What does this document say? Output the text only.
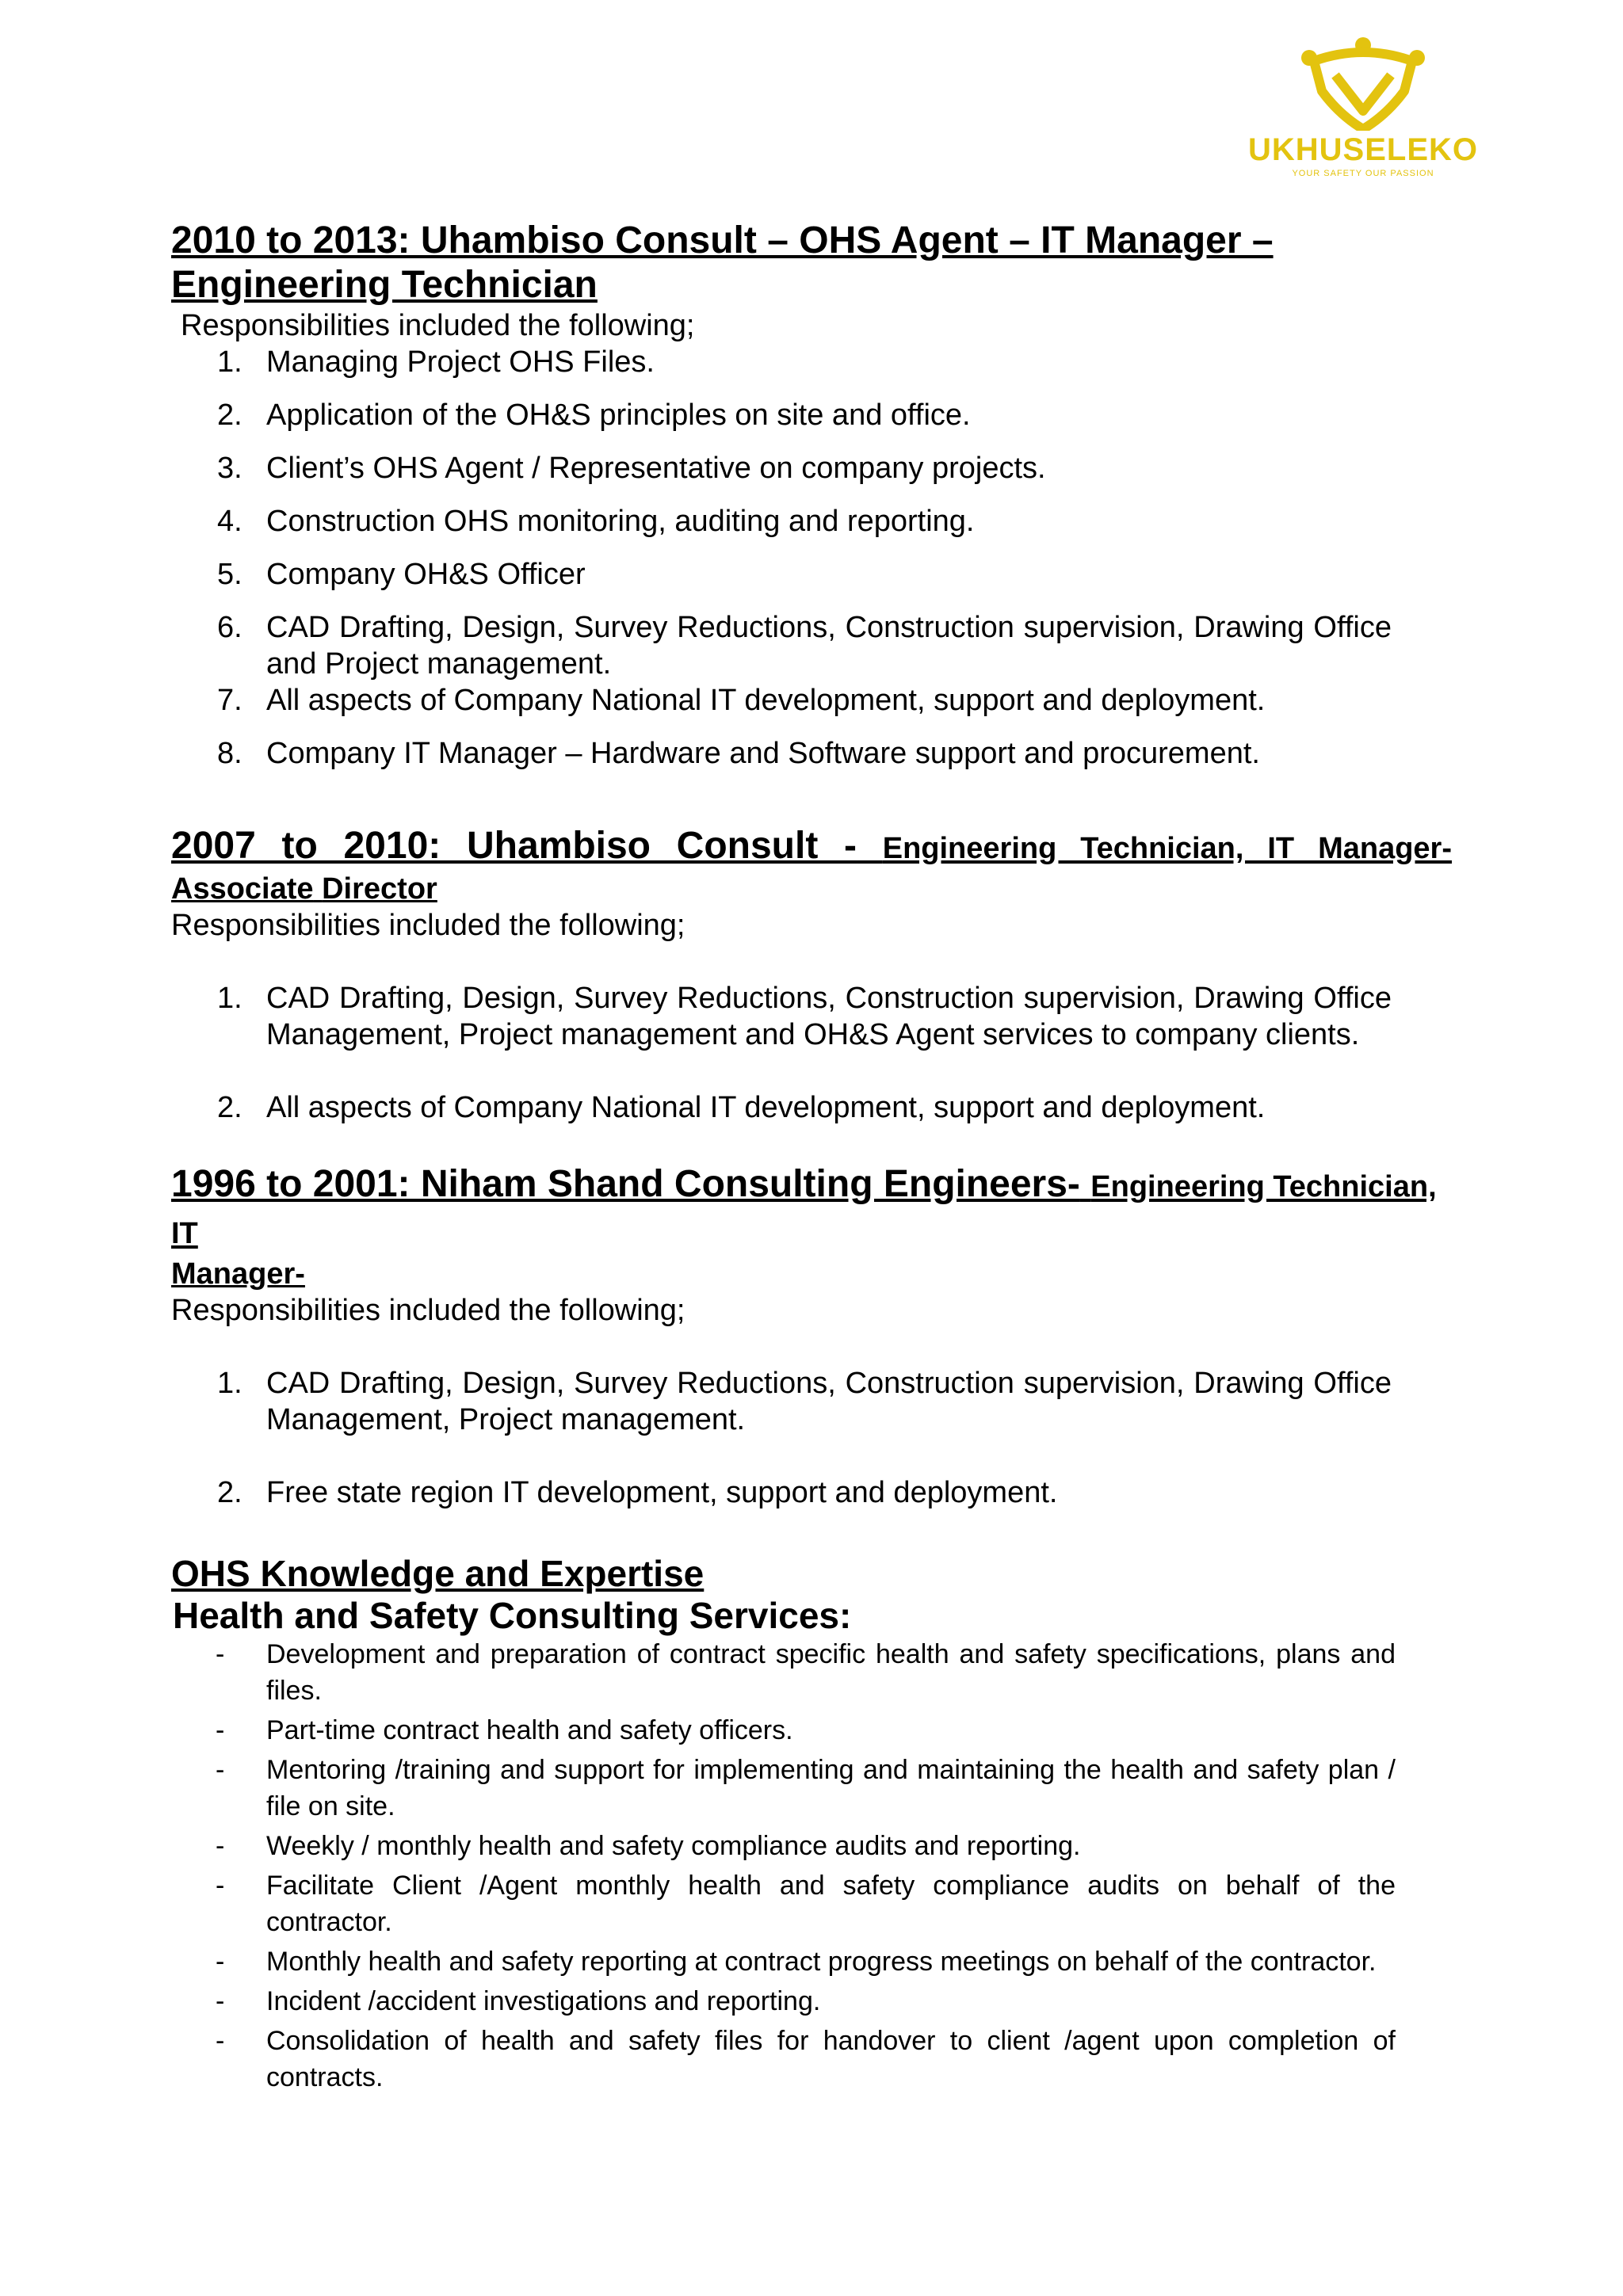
UKHUSELEKO
YOUR SAFETY OUR PASSION
2010 to 2013: Uhambiso Consult – OHS Agent – IT Manager –Engineering Technician

Responsibilities included the following;

1. Managing Project OHS Files.
2. Application of the OH&S principles on site and office.
3. Client’s OHS Agent / Representative on company projects.
4. Construction OHS monitoring, auditing and reporting.
5. Company OH&S Officer
6. CAD Drafting, Design, Survey Reductions, Construction supervision, Drawing Office and Project management.
7. All aspects of Company National IT development, support and deployment.
8. Company IT Manager – Hardware and Software support and procurement.
2007 to 2010: Uhambiso Consult - Engineering Technician, IT Manager-

Associate Director

Responsibilities included the following;

1. CAD Drafting, Design, Survey Reductions, Construction supervision, Drawing Office Management, Project management and OH&S Agent services to company clients.
2. All aspects of Company National IT development, support and deployment.
1996 to 2001: Niham Shand Consulting Engineers- Engineering Technician, IT

Manager-

Responsibilities included the following;

1. CAD Drafting, Design, Survey Reductions, Construction supervision, Drawing Office Management, Project management.
2. Free state region IT development, support and deployment.
OHS Knowledge and Expertise
Health and Safety Consulting Services:
- Development and preparation of contract specific health and safety specifications, plans and files.
- Part-time contract health and safety officers.
- Mentoring /training and support for implementing and maintaining the health and safety plan / file on site.
- Weekly / monthly health and safety compliance audits and reporting.
- Facilitate Client /Agent monthly health and safety compliance audits on behalf of the contractor.
- Monthly health and safety reporting at contract progress meetings on behalf of the contractor.
- Incident /accident investigations and reporting.
- Consolidation of health and safety files for handover to client /agent upon completion of contracts.
